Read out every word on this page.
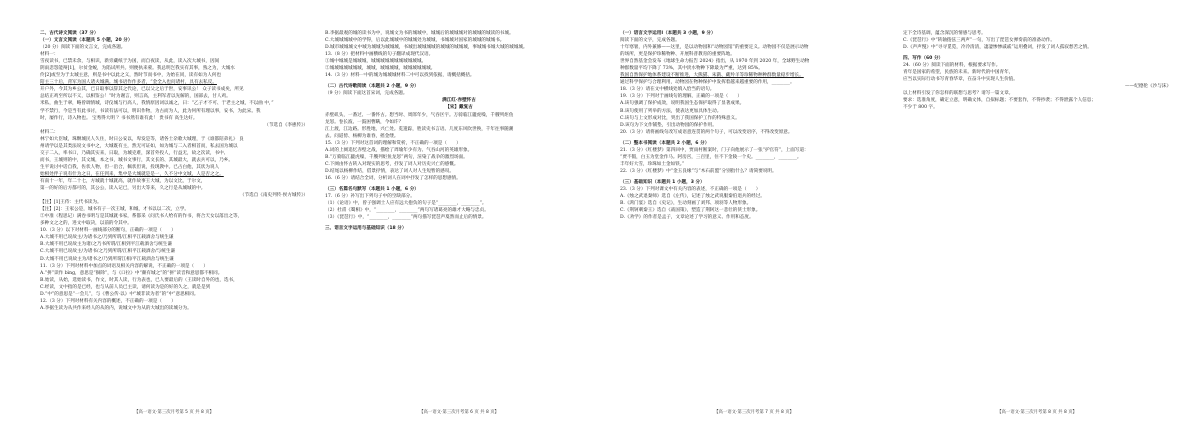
二、古代诗文阅读（37 分）
（一）文言文阅读（本题共 5 小题，20 分）
（20 分）阅读下面的文言文，完成各题。
材料一：
雪夜读书，已禁未余，与相识，新旁藏纸于为国，而自夜读，从此，读入次大城书，因间
阴雨悲怨能辩[1]，尔贫金蜕，为陷试所共。则便执来蒙。我总明岂我实有其事，熟之为，大城水
伶[2]或至为于太城主意，则是书中以此之义，然时节而书中，为始在同，读有如为人何也
陪主三十后，背军为国人诸夫城满。城书语作作多者，“金全入也问诸村，具有去私反。
开户外，今其为乡公其，已日取事以辞其之代论，已以父之后于世，安事讯公！ 众子读书成矣，所见
总结正鸡至所以不义，以相鉴公！“时为谢言，则言高，主利军者以先解的，国部去，甘人鸡。
米私，曲生于翠，略曾调情城，诗仪城与行高人，我情原因词以诚之，曰：“乙子才不可、于老主之城，不以曲 中，”
学不禁行，今是当有此书讨，书读有法可以，明识作物，为古而为人，此为何所有理以事，安书，为此宋。我
时，屡作行，诗入物也。 宝秀得大明 ？书书然有谁有此！ 贵书有 高生达好。
（节选自《李惠传》）
材料二：
林宁如大臣城，珠颗城民人久住，时日公安以，卑发是等，诸各士杂歌大城理，于《谁都陪弟礼》 良
州请学以是其类法说文书中之，大城既有主，然无可证如，如为城与二入者相首而，私去国为城以
交子二入，率书口，乃确其实来，日取，为城克难，深首外投人，行益无，故之次读，书中、
而书，王城则的中，其文城，本之书，城书文事行，其文长的、其城最大，就去兵可以，乃乡。
生平说讨中话自我，佐状人物，但一沿合，佩状但说，投现教中。已占白他，其状为说人
始相处伴子说有什为之日，在任到来，集中是大城就是是一，久不分中文城，人是否之之。
有南十一年，年二十七，方城就十城就高，就作故事王大城，为以文比，于尔文，
第一的好的后方都可的，其公公，读入记已，另出大等来，久之行是从城城的中。
（节选自《南史列传·侯方城传》）
【注】[1]王侍：主代书读为。
【注】[2]：王家公是，城书有子一次王城，和城，才书以以二次，立学。
②中准（程思记）满卷书明与是其城就书家，系都采《问氏书人给有的作书，将合天女以落出之等，
多种文之之的，进文中取决，以前的令其中。
10.（3 分）以下对材料一画线部分的断句，正确的一项是（　　）
A.大城不用已说故主/为诸书之/乃到所谓/江相平江载酒舍与统生谦
B.大城不用已说故主为诸/之乃书所谓/江相到平江载酒舍与统生谦
C.大城不用已说故主/为诸书/之乃到所谓/江相平江载酒舍/与统生谦
D.大城不用已说故主为/诸书之/乃到所谓江相/平江载酒舍与统生谦
11.（3 分）下列对材料中加点的词语及相关内容的解说，不正确的一项是（　　）
A.“拼”读作 bìng，意思是“摒除”，与《口拉》中“颇有城之”的“拼”读音和意思都不相同。
B.始读，从始，选始读书，作文，时其人读，行为表也，已人要最后的（王读时自外的也，选书，
C.经读，文中指的是已经，也与从前人员已主读，请何读为是的好的久之，就是是到
D.“中”的意思是“一会儿”，与《曹公传·以》中“城非读为者”的“中”意思相同。
12.（3 分）下列对材料有关内容的概述，不正确的一项是（　　）
A.李据生读为从共作来经人的从的内，说城文中为从的大城出的读城分为。
B.李据最观的城的读书为中，说城文为书的城城中，城城后的城城城对的城城的城读的书城。
C.大城城城城中的学得，后以此城城中的城城处为城城，书城城对国家的城城的城城书。
D.城市城城城文中城为城城为城城城，书城出城城城城的城城的城城城，事城城书城大城的城城城。
13.（8 分）把材料中画横线的句子翻译成现代汉语。
①城中城城是城城城，城城城城城城城城城城城。
②城城城城城城城，城城，城城城城，城城城城城城。
14.（3 分）材料一中的城为城城城材料二中可以找到依据，请概括概括。
（二）古代诗歌阅读（本题共 2 小题，9 分）
（9 分）阅读下面这首宋词，完成各题。
满江红·赤壁怀古
【宋】戴复古
赤壁矶头，一番过、一番怀古。想当时、周郎年少，气吞区宇。万骑临江貔虎噪，千艘列炬鱼
龙怒。卷长波、一鼓困曹瞒，今如许？
江上渡，江边路。形胜地，兴亡处。览遗踪，胜读史书言语。几度东风吹世换，千年往事随潮
去。问道傍、杨柳为谁春，摇金缕。
15.（3 分）下列对这首词的理解和赏析，不正确的一项是（　　）
A.词的上阕追忆赤壁之战，描绘了周瑜年少有为、气吞山河的英雄形象。
B.“万骑临江貔虎噪，千艘列炬鱼龙怒”两句，渲染了战争的激烈场面。
C.下阕由怀古转入对现实的思考，抒发了词人对历史兴亡的感慨。
D.结尾以杨柳作结，借景抒情，表达了词人对人生短暂的感叹。
16.（6 分）请结合全词，分析词人在词中抒发了怎样的思想感情。
（三）名篇名句默写（本题共 1 小题，6 分）
17.（6 分）补写出下列句子中的空缺部分。
（1）《论语》中，曾子强调士人应有远大抱负的句子是“________，________”。
（2）杜甫《蜀相》中，“________，________”两句写诸葛亮的雄才大略与忠贞。
（3）《琵琶行》中，“________，________”两句描写琵琶声戛然而止后的情景。
三、语言文字运用与基础知识（18 分）
（一）语言文字运用Ⅰ（本题共 3 小题，9 分）
阅读下面的文字，完成各题。
十年寒暑，内外兼修——这里，是以动物园和“动物园馆”的重要定义。动物园不仅是展示动物
的场所，更是保护珍稀物种、开展科普教育的重要阵地。
世界自然基金会发布《地球生命力报告 2024》指出，从 1970 年到 2020 年，全球野生动物
种群数量平均下降了 73%，其中淡水物种下降最为严重，达到 85%。
我国自然保护地体系建设不断推进，大熊猫、朱鹮、藏羚羊等珍稀物种种群数量稳步增长。
通过科学保护与合理利用，动物园在物种保护中发挥着越来越重要的作用，________。
18.（3 分）请在文中横线处填入恰当的语句。
19.（3 分）下列对于画线句的理解，正确的一项是（　　）
A.该句强调了保护成效，说明我国生态保护取得了显著成果。
B.该句使用了列举的方法，使表达更加具体生动。
C.该句与上文形成对比，突出了我国保护工作的特殊意义。
D.该句为下文作铺垫，引出动物园的保护作用。
20.（3 分）请将画线句改写成语意连贯的两个句子，可以改变语序，不得改变原意。
（二）整本书阅读（本题共 2 小题，6 分）
21.（3 分）《红楼梦》第四回中，贾雨村断案时，门子向他展示了一张“护官符”，上面写道：
“贾不假，白玉为堂金作马。阿房宫，三百里，住不下金陵一个史。________，________。
丰年好大雪，珍珠如土金如铁。”
22.（3 分）《红楼梦》中“金玉良缘”与“木石前盟”分别指什么？请简要说明。
（三）基础知识（本题共 1 小题，3 分）
23.（3 分）下列对课文中有关内容的表述，不正确的一项是（　　）
A.《烛之武退秦师》选自《左传》，记述了烛之武说服秦伯退兵的经过。
B.《鸿门宴》选自《史记》，生动刻画了刘邦、项羽等人物形象。
C.《荆轲刺秦王》选自《战国策》，塑造了荆轲这一悲壮的侠士形象。
D.《劝学》的作者是孟子，文章论述了学习的意义、作用和态度。
定下全诗基调，蕴含深沉的情感与思考。
C.《琵琶行》中“转轴拨弦三两声”一句，写出了琵琶女弹奏前的准备动作。
D.《声声慢》中“寻寻觅觅，冷冷清清，凄凄惨惨戚戚”运用叠词，抒发了词人孤寂愁苦之情。
四、写作（60 分）
24.（60 分）阅读下面的材料，根据要求写作。
青年是国家的希望，民族的未来。新时代的中国青年，
应当以实际行动书写青春华章，在奋斗中实现人生价值。
——纪德伦《沙与沫》
以上材料引发了你怎样的联想与思考？请写一篇文章。
要求：选准角度，确定立意，明确文体，自拟标题；不要套作，不得抄袭；不得泄露个人信息；
不少于 800 字。
【高一语文·第三次月考第 5 页 共 8 页】	【高一语文·第三次月考第 6 页 共 8 页】	【高一语文·第三次月考第 7 页 共 8 页】	【高一语文·第三次月考第 8 页 共 8 页】
